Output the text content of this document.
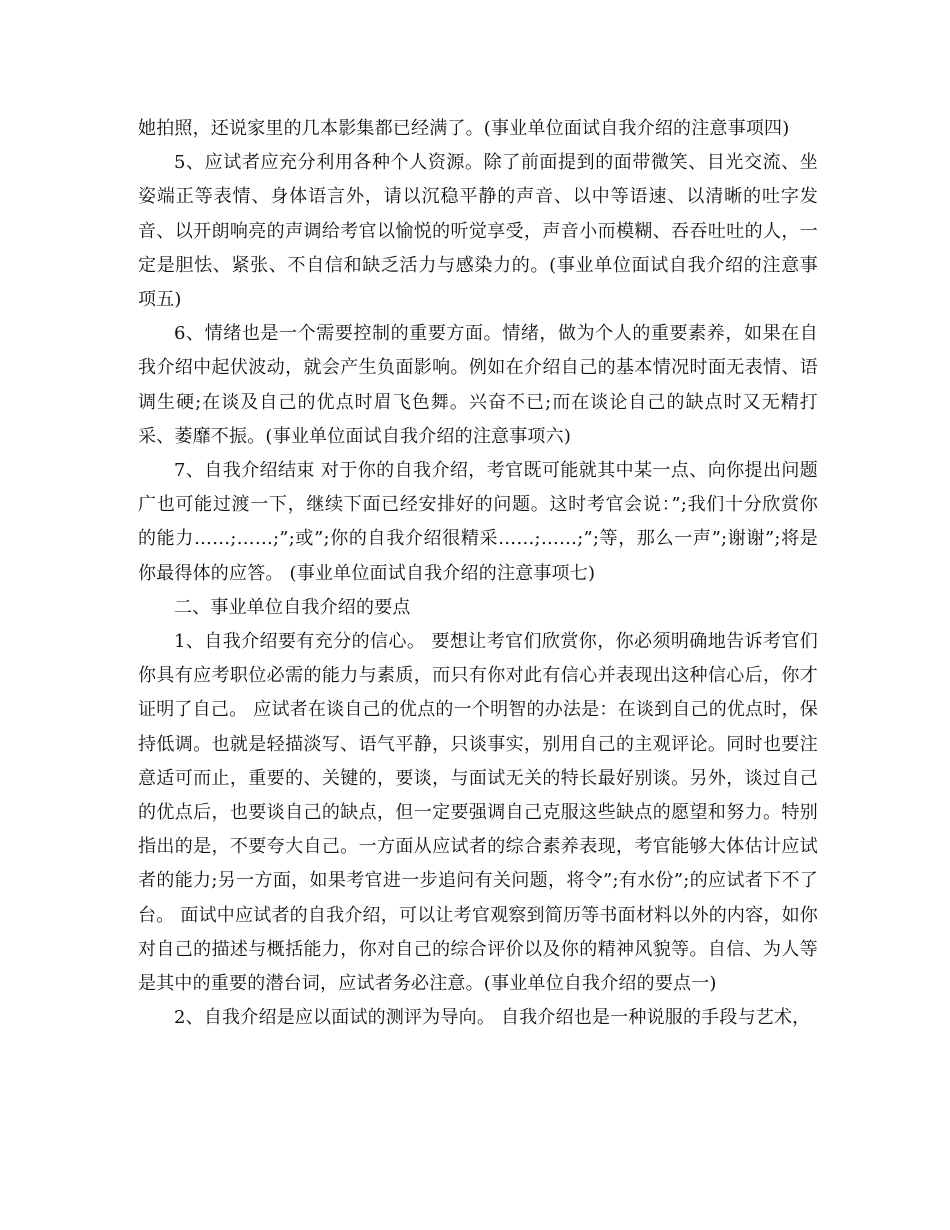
她拍照，还说家里的几本影集都已经满了。(事业单位面试自我介绍的注意事项四)

5、应试者应充分利用各种个人资源。除了前面提到的面带微笑、目光交流、坐姿端正等表情、身体语言外，请以沉稳平静的声音、以中等语速、以清晰的吐字发音、以开朗响亮的声调给考官以愉悦的听觉享受，声音小而模糊、吞吞吐吐的人，一定是胆怯、紧张、不自信和缺乏活力与感染力的。(事业单位面试自我介绍的注意事项五)

6、情绪也是一个需要控制的重要方面。情绪，做为个人的重要素养，如果在自我介绍中起伏波动，就会产生负面影响。例如在介绍自己的基本情况时面无表情、语调生硬;在谈及自己的优点时眉飞色舞。兴奋不已;而在谈论自己的缺点时又无精打采、萎靡不振。(事业单位面试自我介绍的注意事项六)

7、自我介绍结束 对于你的自我介绍，考官既可能就其中某一点、向你提出问题广也可能过渡一下，继续下面已经安排好的问题。这时考官会说：”;我们十分欣赏你的能力……;……;”;或”;你的自我介绍很精采……;……;”;等，那么一声”;谢谢”;将是你最得体的应答。 (事业单位面试自我介绍的注意事项七)

二、事业单位自我介绍的要点

1、自我介绍要有充分的信心。 要想让考官们欣赏你，你必须明确地告诉考官们你具有应考职位必需的能力与素质，而只有你对此有信心并表现出这种信心后，你才证明了自己。 应试者在谈自己的优点的一个明智的办法是：在谈到自己的优点时，保持低调。也就是轻描淡写、语气平静，只谈事实，别用自己的主观评论。同时也要注意适可而止，重要的、关键的，要谈，与面试无关的特长最好别谈。另外，谈过自己的优点后，也要谈自己的缺点，但一定要强调自己克服这些缺点的愿望和努力。特别指出的是，不要夸大自己。一方面从应试者的综合素养表现，考官能够大体估计应试者的能力;另一方面，如果考官进一步追问有关问题，将令”;有水份”;的应试者下不了台。 面试中应试者的自我介绍，可以让考官观察到简历等书面材料以外的内容，如你对自己的描述与概括能力，你对自己的综合评价以及你的精神风貌等。自信、为人等是其中的重要的潜台词，应试者务必注意。(事业单位自我介绍的要点一)

2、自我介绍是应以面试的测评为导向。 自我介绍也是一种说服的手段与艺术，
